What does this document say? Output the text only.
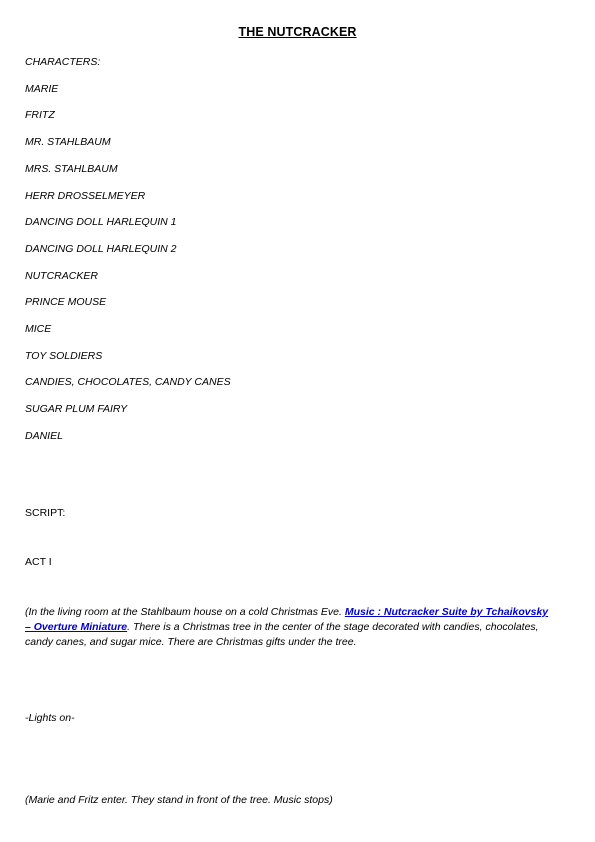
THE NUTCRACKER
CHARACTERS:
MARIE
FRITZ
MR. STAHLBAUM
MRS. STAHLBAUM
HERR DROSSELMEYER
DANCING DOLL HARLEQUIN 1
DANCING DOLL HARLEQUIN 2
NUTCRACKER
PRINCE MOUSE
MICE
TOY SOLDIERS
CANDIES, CHOCOLATES, CANDY CANES
SUGAR PLUM FAIRY
DANIEL
SCRIPT:
ACT I
(In the living room at the Stahlbaum house on a cold Christmas Eve. Music : Nutcracker Suite by Tchaikovsky – Overture Miniature. There is a Christmas tree in the center of the stage decorated with candies, chocolates, candy canes, and sugar mice. There are Christmas gifts under the tree.
-Lights on-
(Marie and Fritz enter. They stand in front of the tree. Music stops)
